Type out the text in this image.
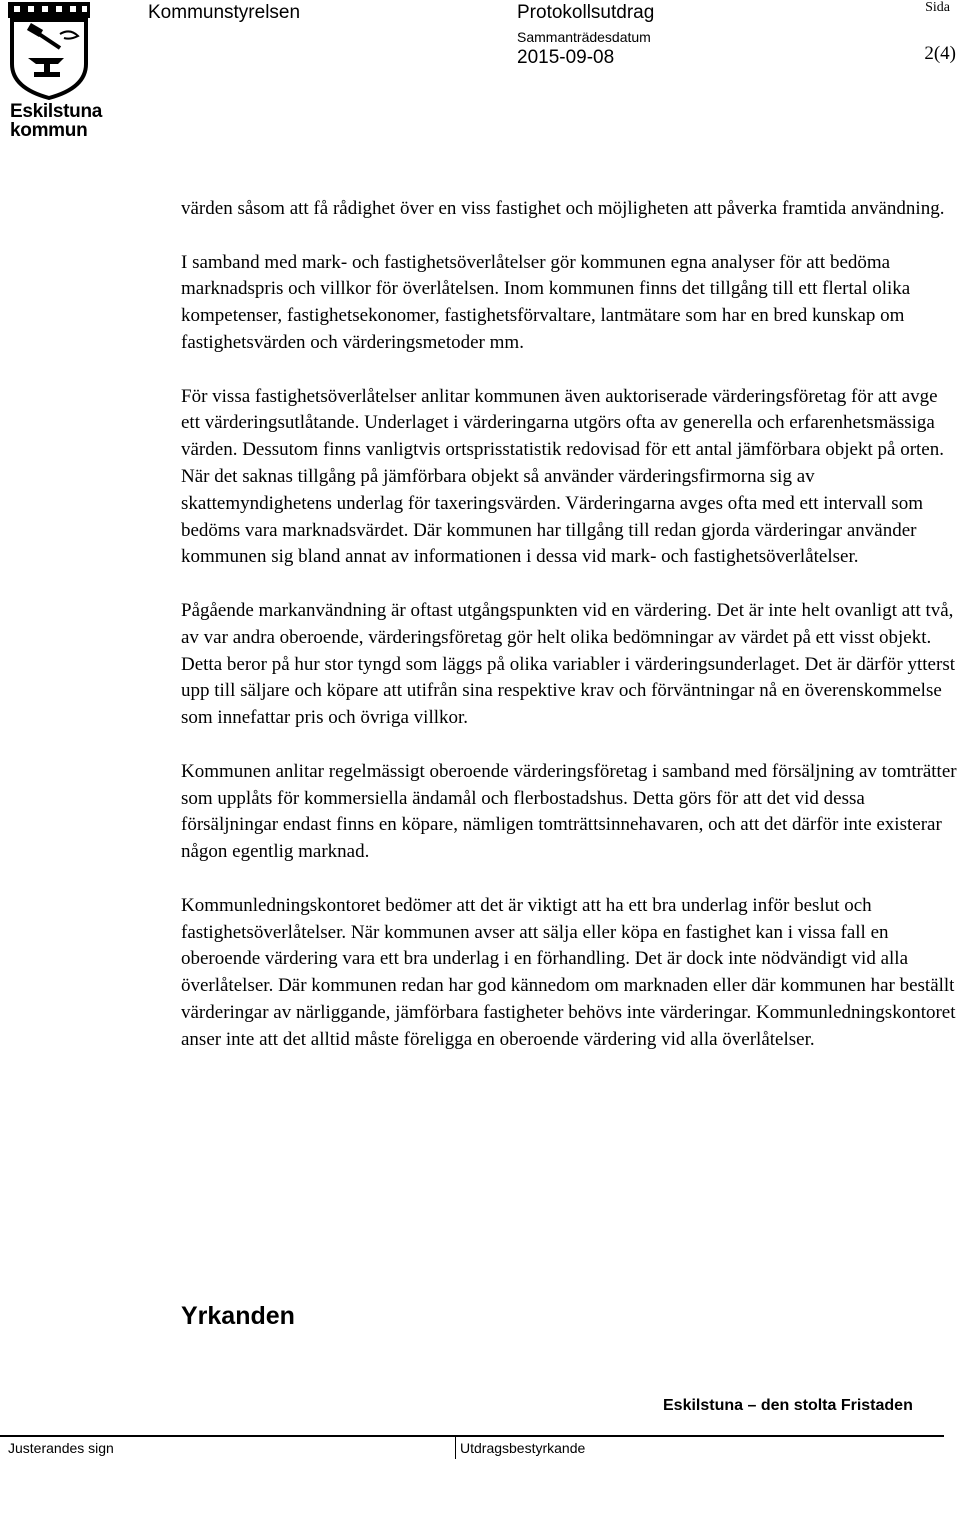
Eskilstuna
kommun
Kommunstyrelsen	Protokollsutdrag
Sammanträdesdatum
2015-09-08
Sida
2(4)

värden såsom att få rådighet över en viss fastighet och möjligheten att påverka framtida användning.

I samband med mark- och fastighetsöverlåtelser gör kommunen egna analyser för att bedöma marknadspris och villkor för överlåtelsen. Inom kommunen finns det tillgång till ett flertal olika kompetenser, fastighetsekonomer, fastighetsförvaltare, lantmätare som har en bred kunskap om fastighetsvärden och värderingsmetoder mm.

För vissa fastighetsöverlåtelser anlitar kommunen även auktoriserade värderingsföretag för att avge ett värderingsutlåtande. Underlaget i värderingarna utgörs ofta av generella och erfarenhetsmässiga värden. Dessutom finns vanligtvis ortsprisstatistik redovisad för ett antal jämförbara objekt på orten. När det saknas tillgång på jämförbara objekt så använder värderingsfirmorna sig av skattemyndighetens underlag för taxeringsvärden. Värderingarna avges ofta med ett intervall som bedöms vara marknadsvärdet. Där kommunen har tillgång till redan gjorda värderingar använder kommunen sig bland annat av informationen i dessa vid mark- och fastighetsöverlåtelser.

Pågående markanvändning är oftast utgångspunkten vid en värdering. Det är inte helt ovanligt att två, av var andra oberoende, värderingsföretag gör helt olika bedömningar av värdet på ett visst objekt. Detta beror på hur stor tyngd som läggs på olika variabler i värderingsunderlaget. Det är därför ytterst upp till säljare och köpare att utifrån sina respektive krav och förväntningar nå en överenskommelse som innefattar pris och övriga villkor.

Kommunen anlitar regelmässigt oberoende värderingsföretag i samband med försäljning av tomträtter som upplåts för kommersiella ändamål och flerbostadshus. Detta görs för att det vid dessa försäljningar endast finns en köpare, nämligen tomträttsinnehavaren, och att det därför inte existerar någon egentlig marknad.

Kommunledningskontoret bedömer att det är viktigt att ha ett bra underlag inför beslut och fastighetsöverlåtelser. När kommunen avser att sälja eller köpa en fastighet kan i vissa fall en oberoende värdering vara ett bra underlag i en förhandling. Det är dock inte nödvändigt vid alla överlåtelser. Där kommunen redan har god kännedom om marknaden eller där kommunen har beställt värderingar av närliggande, jämförbara fastigheter behövs inte värderingar. Kommunledningskontoret anser inte att det alltid måste föreligga en oberoende värdering vid alla överlåtelser.

Yrkanden
Eskilstuna – den stolta Fristaden
Justerandes sign	Utdragsbestyrkande
